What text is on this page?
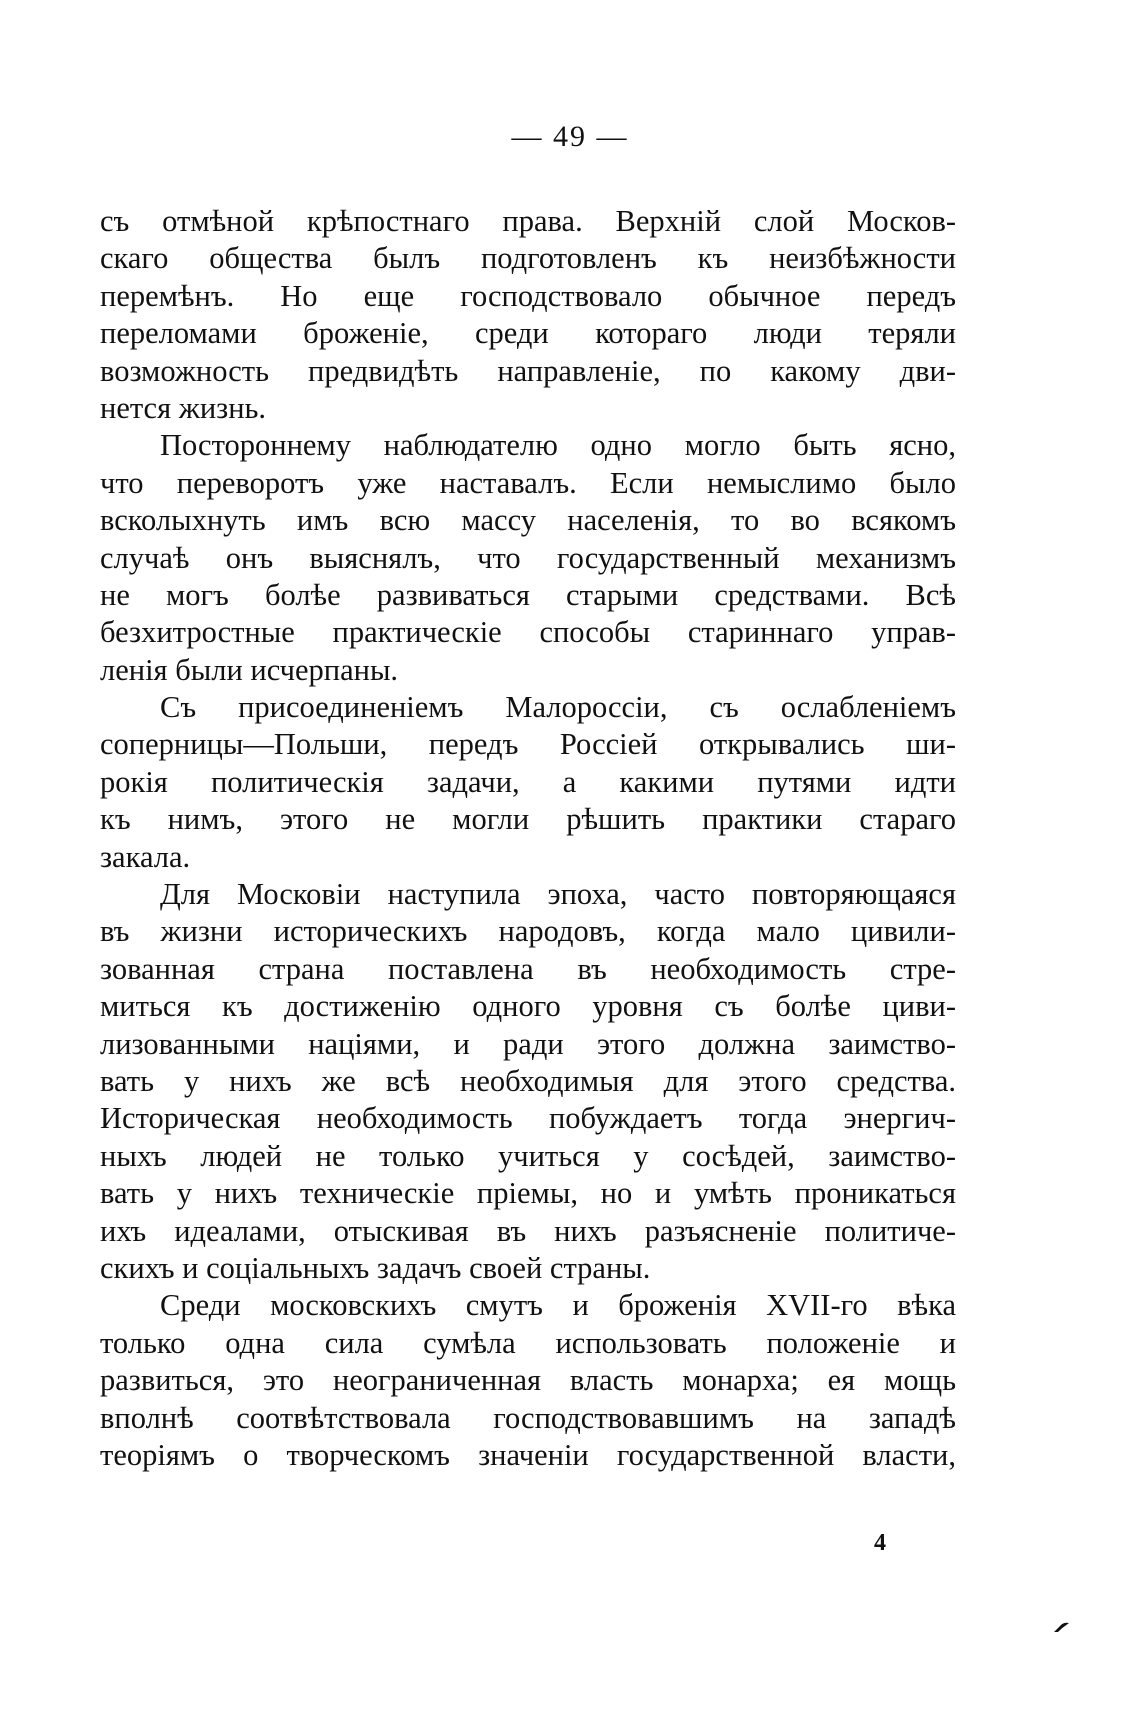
— 49 —
съ отмѣной крѣпостнаго права. Верхній слой Москов-
скаго общества былъ подготовленъ къ неизбѣжности
перемѣнъ. Но еще господствовало обычное передъ
переломами броженіе, среди котораго люди теряли
возможность предвидѣть направленіе, по какому дви-
нется жизнь.
Постороннему наблюдателю одно могло быть ясно,
что переворотъ уже наставалъ. Если немыслимо было
всколыхнуть имъ всю массу населенія, то во всякомъ
случаѣ онъ выяснялъ, что государственный механизмъ
не могъ болѣе развиваться старыми средствами. Всѣ
безхитростные практическіе способы стариннаго управ-
ленія были исчерпаны.
Съ присоединеніемъ Малороссіи, съ ослабленіемъ
соперницы—Польши, передъ Россіей открывались ши-
рокія политическія задачи, а какими путями идти
къ нимъ, этого не могли рѣшить практики стараго
закала.
Для Московіи наступила эпоха, часто повторяющаяся
въ жизни историческихъ народовъ, когда мало цивили-
зованная страна поставлена въ необходимость стре-
миться къ достиженію одного уровня съ болѣе циви-
лизованными націями, и ради этого должна заимство-
вать у нихъ же всѣ необходимыя для этого средства.
Историческая необходимость побуждаетъ тогда энергич-
ныхъ людей не только учиться у сосѣдей, заимство-
вать у нихъ техническіе пріемы, но и умѣть проникаться
ихъ идеалами, отыскивая въ нихъ разъясненіе политиче-
скихъ и соціальныхъ задачъ своей страны.
Среди московскихъ смутъ и броженія XVII-го вѣка
только одна сила сумѣла использовать положеніе и
развиться, это неограниченная власть монарха; ея мощь
вполнѣ соотвѣтствовала господствовавшимъ на западѣ
теоріямъ о творческомъ значеніи государственной власти,
4
